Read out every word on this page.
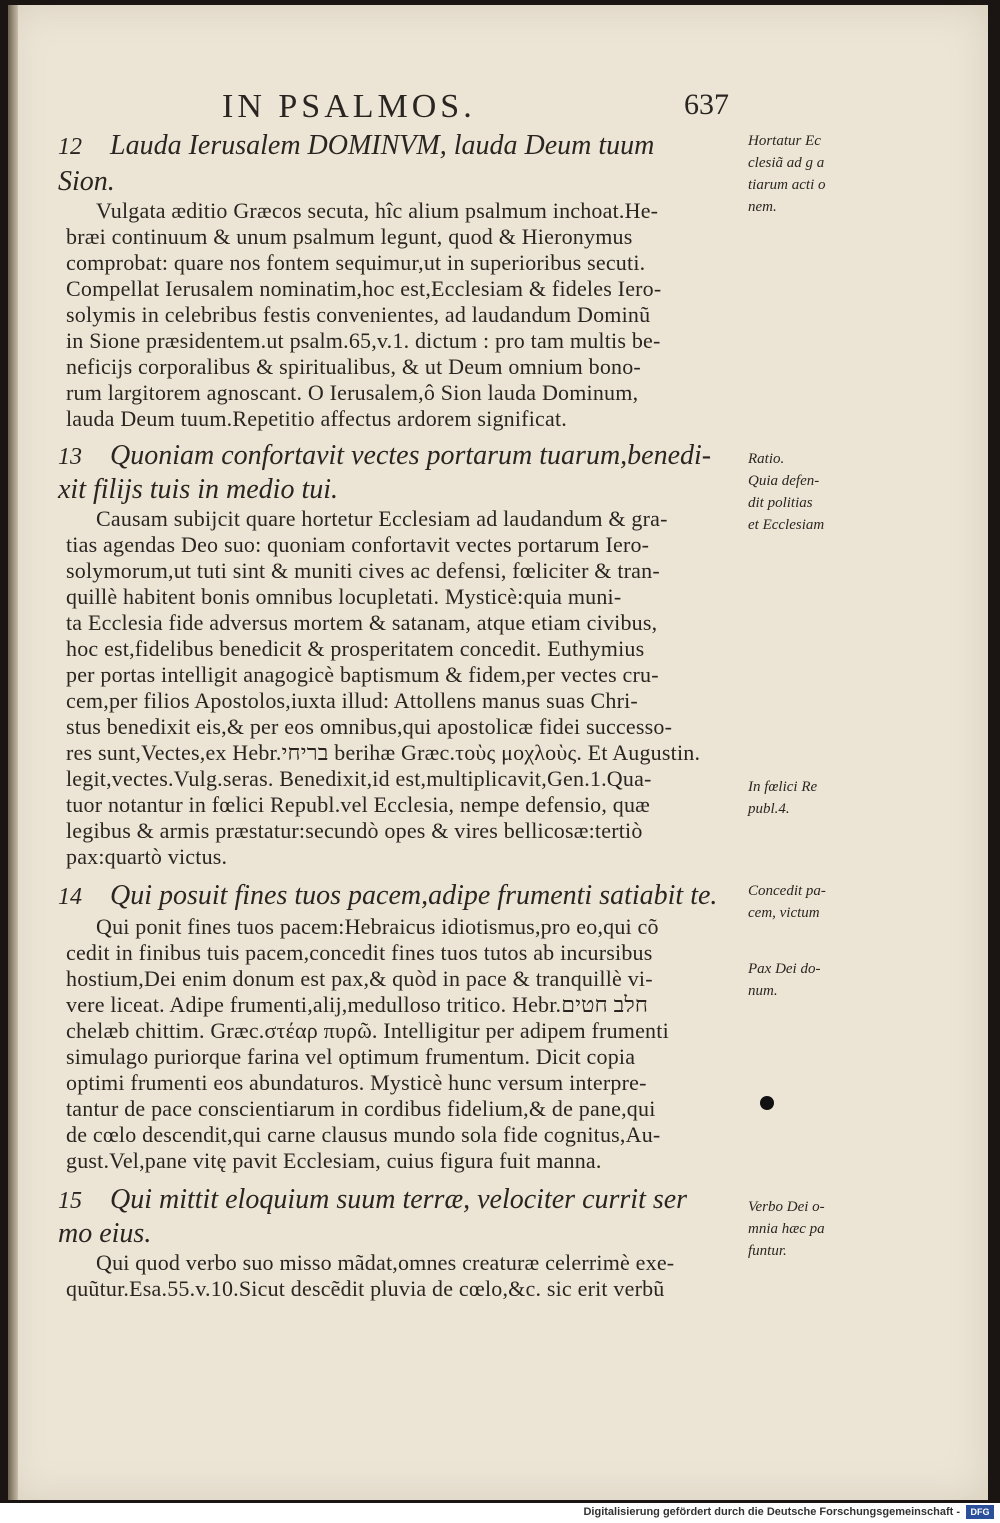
IN PSALMOS.	637
12 Lauda Ierusalem DOMINVM, lauda Deum tuum
Sion.
Vulgata æditio Græcos secuta, hîc alium psalmum inchoat.He-
bræi continuum & unum psalmum legunt, quod & Hieronymus
comprobat: quare nos fontem sequimur,ut in superioribus secuti.
Compellat Ierusalem nominatim,hoc est,Ecclesiam & fideles Iero-
solymis in celebribus festis convenientes, ad laudandum Dominũ
in Sione præsidentem.ut psalm.65,v.1. dictum : pro tam multis be-
neficijs corporalibus & spiritualibus, & ut Deum omnium bono-
rum largitorem agnoscant. O Ierusalem,ô Sion lauda Dominum,
lauda Deum tuum.Repetitio affectus ardorem significat.
13 Quoniam confortavit vectes portarum tuarum,benedi-
xit filijs tuis in medio tui.
Causam subijcit quare hortetur Ecclesiam ad laudandum & gra-
tias agendas Deo suo: quoniam confortavit vectes portarum Iero-
solymorum,ut tuti sint & muniti cives ac defensi, fœliciter & tran-
quillè habitent bonis omnibus locupletati. Mysticè:quia muni-
ta Ecclesia fide adversus mortem & satanam, atque etiam civibus,
hoc est,fidelibus benedicit & prosperitatem concedit. Euthymius
per portas intelligit anagogicè baptismum & fidem,per vectes cru-
cem,per filios Apostolos,iuxta illud: Attollens manus suas Chri-
stus benedixit eis,& per eos omnibus,qui apostolicæ fidei successo-
res sunt,Vectes,ex Hebr.בריחי berihæ Græc.τοὺς μοχλοὺς. Et Augustin.
legit,vectes.Vulg.seras. Benedixit,id est,multiplicavit,Gen.1.Qua-
tuor notantur in fœlici Republ.vel Ecclesia, nempe defensio, quæ
legibus & armis præstatur:secundò opes & vires bellicosæ:tertiò
pax:quartò victus.
14 Qui posuit fines tuos pacem,adipe frumenti satiabit te.
Qui ponit fines tuos pacem:Hebraicus idiotismus,pro eo,qui cõ
cedit in finibus tuis pacem,concedit fines tuos tutos ab incursibus
hostium,Dei enim donum est pax,& quòd in pace & tranquillè vi-
vere liceat. Adipe frumenti,alij,medulloso tritico. Hebr.חלב חטים
chelæb chittim. Græc.στέαρ πυρῶ. Intelligitur per adipem frumenti
simulago puriorque farina vel optimum frumentum. Dicit copia
optimi frumenti eos abundaturos. Mysticè hunc versum interpre-
tantur de pace conscientiarum in cordibus fidelium,& de pane,qui
de cœlo descendit,qui carne clausus mundo sola fide cognitus,Au-
gust.Vel,pane vitę pavit Ecclesiam, cuius figura fuit manna.
15 Qui mittit eloquium suum terræ, velociter currit ser
mo eius.
Qui quod verbo suo misso mãdat,omnes creaturæ celerrimè exe-
quũtur.Esa.55.v.10.Sicut descẽdit pluvia de cœlo,&c. sic erit verbũ
Hortatur Ec
clesiã ad g a
tiarum acti o
nem.
Ratio.
Quia defen-
dit politias
et Ecclesiam
In fœlici Re
publ.4.
Concedit pa-
cem, victum
Pax Dei do-
num.
Verbo Dei o-
mnia hæc pa
funtur.
Digitalisierung gefördert durch die Deutsche Forschungsgemeinschaft -	DFG
